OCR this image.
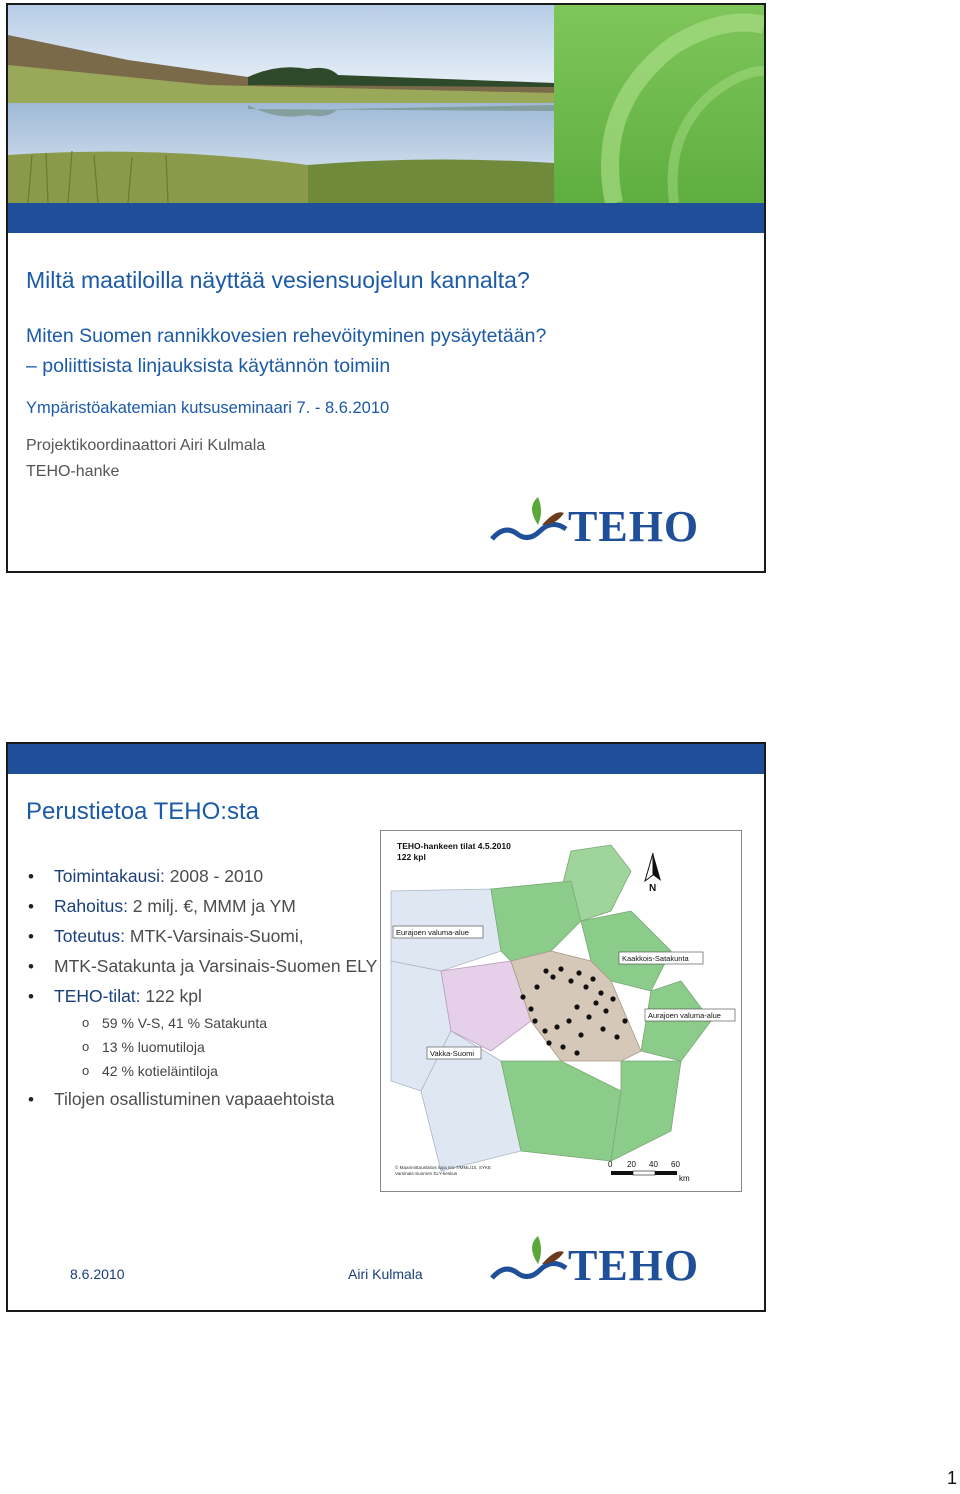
Miltä maatiloilla näyttää vesiensuojelun kannalta?
Miten Suomen rannikkovesien rehevöityminen pysäytetään?
– poliittisista linjauksista käytännön toimiin
Ympäristöakatemian kutsuseminaari 7. - 8.6.2010
Projektikoordinaattori Airi Kulmala
TEHO-hanke
TEHO
Perustietoa TEHO:sta
• Toimintakausi: 2008 - 2010
• Rahoitus: 2 milj. €, MMM ja YM
• Toteutus: MTK-Varsinais-Suomi,
• MTK-Satakunta ja Varsinais-Suomen ELY
• TEHO-tilat: 122 kpl
o 59 % V-S, 41 % Satakunta
o 13 % luomutiloja
o 42 % kotieläintiloja
• Tilojen osallistuminen vapaaehtoista
TEHO-hankeen tilat 4.5.2010
122 kpl
N
Eurajoen valuma-alue
Kaakkois-Satakunta
Aurajoen valuma-alue
Vakka-Suomi
© Maanmittauslaitos lupa nro 7/MML/10, SYKE
Varsinais-Suomen ELY-keskus
0 20 40 60
km
8.6.2010	Airi Kulmala	TEHO
1
